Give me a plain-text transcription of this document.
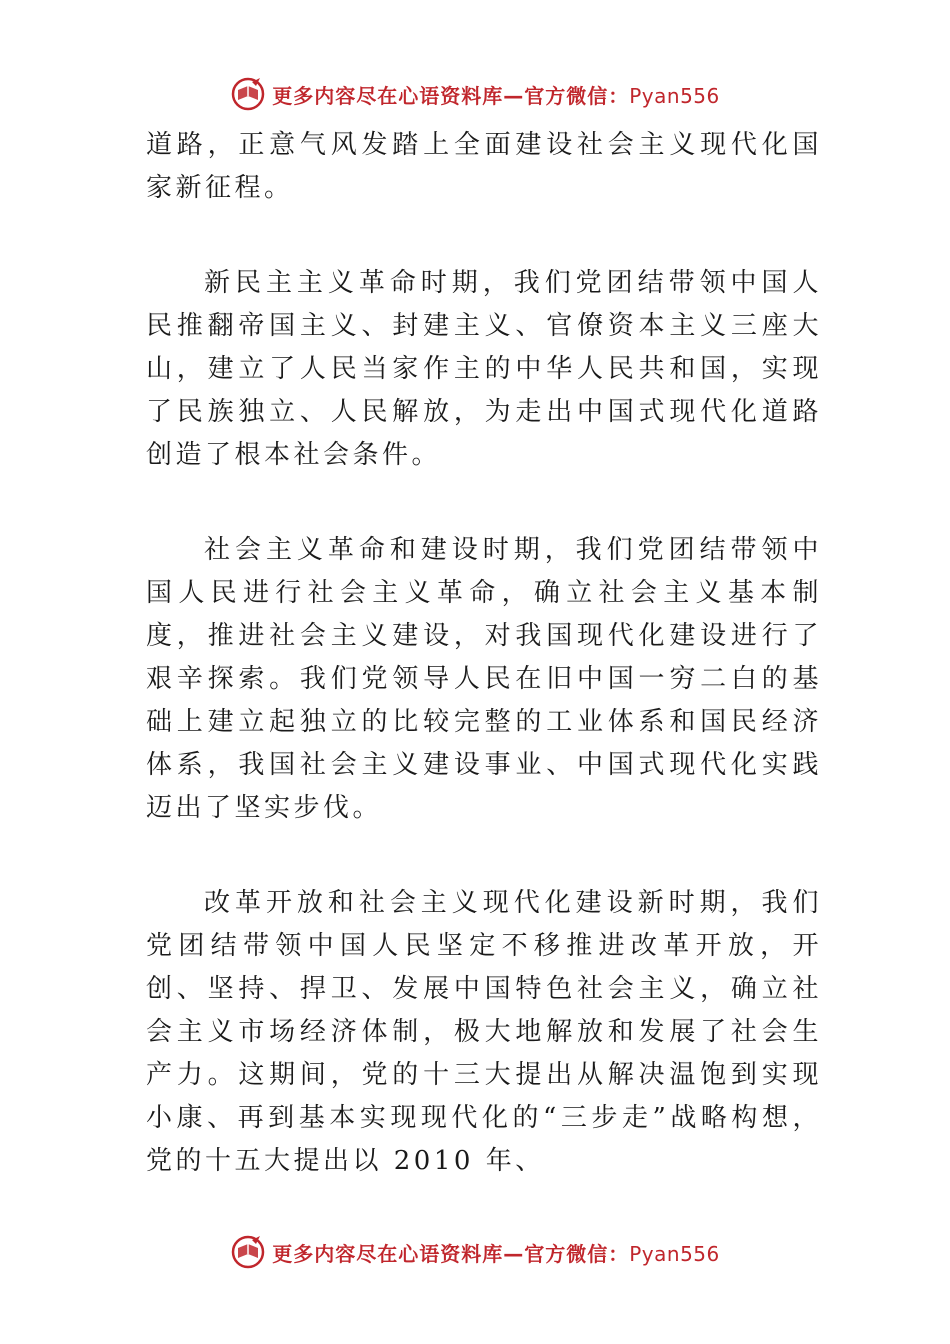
更多内容尽在心语资料库—官方微信：Pyan556

道路，正意气风发踏上全面建设社会主义现代化国家新征程。

新民主主义革命时期，我们党团结带领中国人民推翻帝国主义、封建主义、官僚资本主义三座大山，建立了人民当家作主的中华人民共和国，实现了民族独立、人民解放，为走出中国式现代化道路创造了根本社会条件。

社会主义革命和建设时期，我们党团结带领中国人民进行社会主义革命，确立社会主义基本制度，推进社会主义建设，对我国现代化建设进行了艰辛探索。我们党领导人民在旧中国一穷二白的基础上建立起独立的比较完整的工业体系和国民经济体系，我国社会主义建设事业、中国式现代化实践迈出了坚实步伐。

改革开放和社会主义现代化建设新时期，我们党团结带领中国人民坚定不移推进改革开放，开创、坚持、捍卫、发展中国特色社会主义，确立社会主义市场经济体制，极大地解放和发展了社会生产力。这期间，党的十三大提出从解决温饱到实现小康、再到基本实现现代化的“三步走”战略构想，党的十五大提出以 2010 年、

更多内容尽在心语资料库—官方微信：Pyan556
